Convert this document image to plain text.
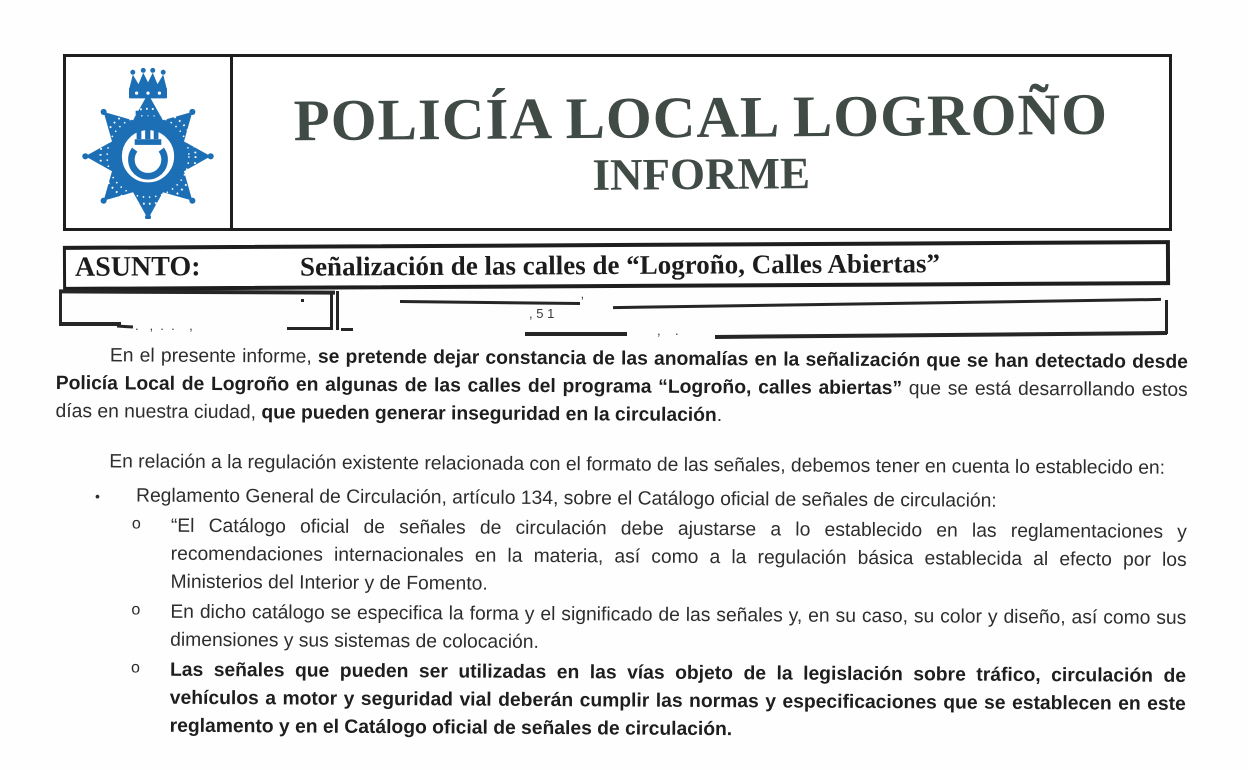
POLICÍA LOCAL LOGROÑO
INFORME
ASUNTO:	Señalización de las calles de “Logroño, Calles Abiertas”
.   ,  .  .    ,
ʼ
, 5 1
,    .

En el presente informe, se pretende dejar constancia de las anomalías en la señalización que se han detectado desde Policía Local de Logroño en algunas de las calles del programa “Logroño, calles abiertas” que se está desarrollando estos días en nuestra ciudad, que pueden generar inseguridad en la circulación.

En relación a la regulación existente relacionada con el formato de las señales, debemos tener en cuenta lo establecido en:

• Reglamento General de Circulación, artículo 134, sobre el Catálogo oficial de señales de circulación:

o “El Catálogo oficial de señales de circulación debe ajustarse a lo establecido en las reglamentaciones y recomendaciones internacionales en la materia, así como a la regulación básica establecida al efecto por los Ministerios del Interior y de Fomento.

o En dicho catálogo se especifica la forma y el significado de las señales y, en su caso, su color y diseño, así como sus dimensiones y sus sistemas de colocación.

o Las señales que pueden ser utilizadas en las vías objeto de la legislación sobre tráfico, circulación de vehículos a motor y seguridad vial deberán cumplir las normas y especificaciones que se establecen en este reglamento y en el Catálogo oficial de señales de circulación.
